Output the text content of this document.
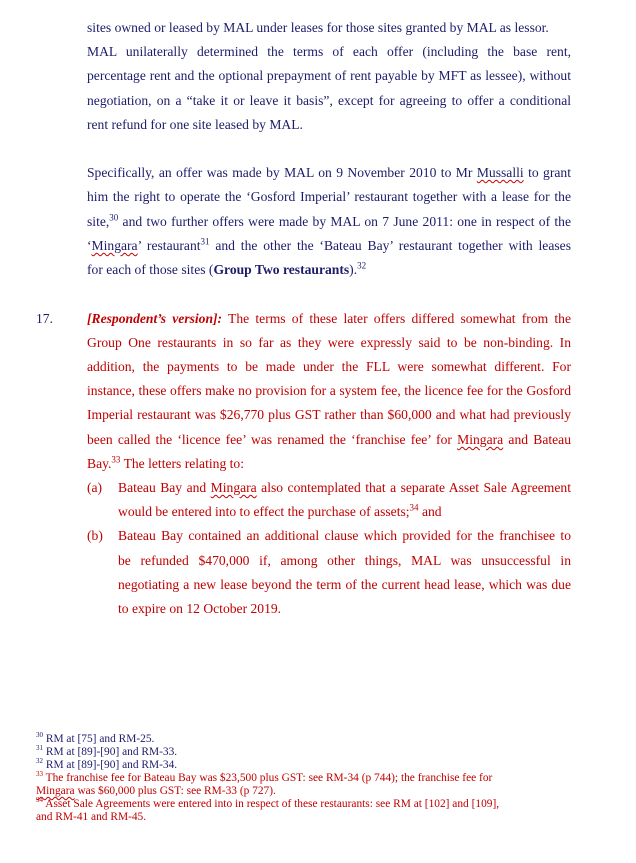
sites owned or leased by MAL under leases for those sites granted by MAL as lessor.

MAL unilaterally determined the terms of each offer (including the base rent,

percentage rent and the optional prepayment of rent payable by MFT as lessee), without

negotiation, on a “take it or leave it basis”, except for agreeing to offer a conditional

rent refund for one site leased by MAL.

Specifically, an offer was made by MAL on 9 November 2010 to Mr Mussalli to grant

him the right to operate the ‘Gosford Imperial’ restaurant together with a lease for the

site,$^{30}$ and two further offers were made by MAL on 7 June 2011: one in respect of the

‘Mingara’ restaurant$^{31}$ and the other the ‘Bateau Bay’ restaurant together with leases

for each of those sites (Group Two restaurants).$^{32}$

17.	[Respondent’s version]: The terms of these later offers differed somewhat from the

Group One restaurants in so far as they were expressly said to be non-binding. In

addition, the payments to be made under the FLL were somewhat different. For

instance, these offers make no provision for a system fee, the licence fee for the Gosford

Imperial restaurant was $26,770 plus GST rather than $60,000 and what had previously

been called the ‘licence fee’ was renamed the ‘franchise fee’ for Mingara and Bateau

Bay.$^{33}$ The letters relating to:

(a) Bateau Bay and Mingara also contemplated that a separate Asset Sale Agreement

would be entered into to effect the purchase of assets;$^{34}$ and

(b) Bateau Bay contained an additional clause which provided for the franchisee to

be refunded $470,000 if, among other things, MAL was unsuccessful in

negotiating a new lease beyond the term of the current head lease, which was due

to expire on 12 October 2019.

$^{30}$ RM at [75] and RM-25.

$^{31}$ RM at [89]-[90] and RM-33.

$^{32}$ RM at [89]-[90] and RM-34.

$^{33}$ The franchise fee for Bateau Bay was $23,500 plus GST: see RM-34 (p 744); the franchise fee for

Mingara was $60,000 plus GST: see RM-33 (p 727).

$^{34}$ Asset Sale Agreements were entered into in respect of these restaurants: see RM at [102] and [109],

and RM-41 and RM-45.
